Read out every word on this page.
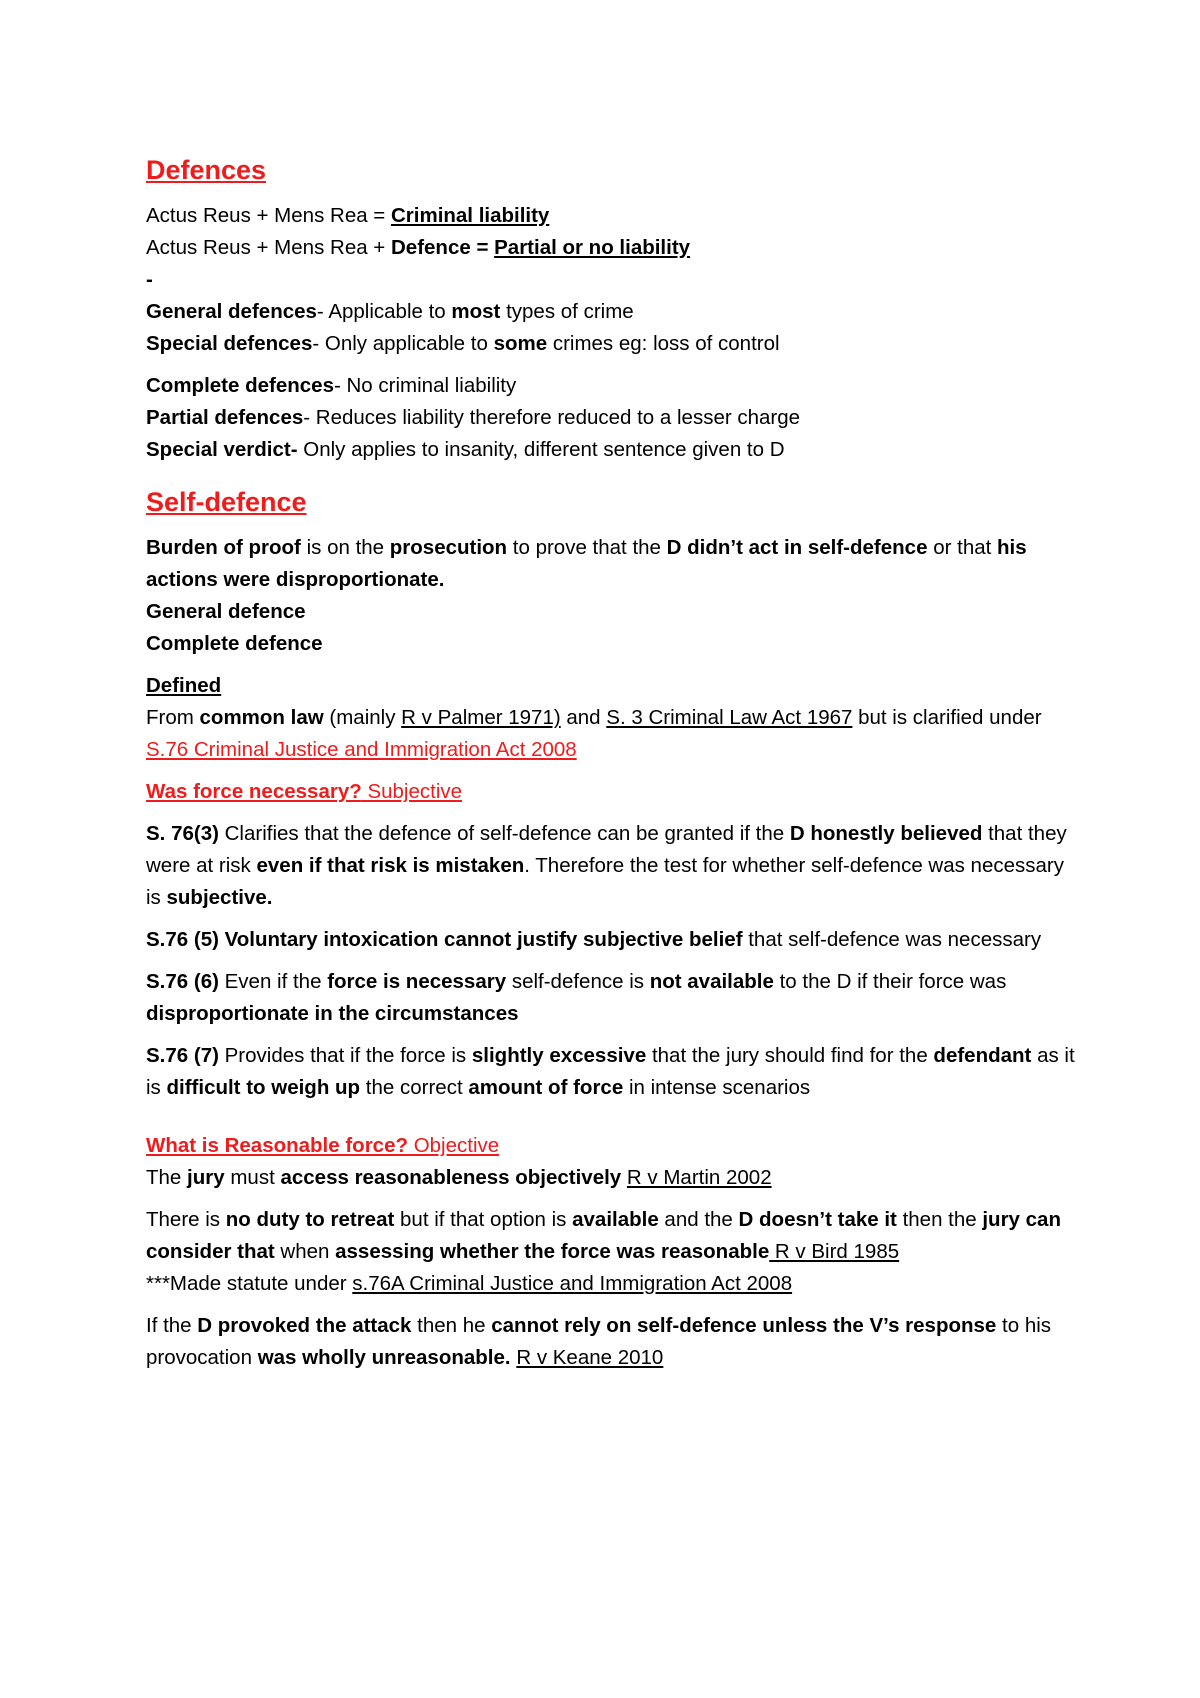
Defences

Actus Reus + Mens Rea = Criminal liability

Actus Reus + Mens Rea + Defence = Partial or no liability

-

General defences- Applicable to most types of crime

Special defences- Only applicable to some crimes eg: loss of control

Complete defences- No criminal liability

Partial defences- Reduces liability therefore reduced to a lesser charge

Special verdict- Only applies to insanity, different sentence given to D

Self-defence

Burden of proof is on the prosecution to prove that the D didn’t act in self-defence or that his actions were disproportionate.

General defence

Complete defence

Defined

From common law (mainly R v Palmer 1971) and S. 3 Criminal Law Act 1967 but is clarified under

S.76 Criminal Justice and Immigration Act 2008

Was force necessary? Subjective

S. 76(3) Clarifies that the defence of self-defence can be granted if the D honestly believed that they were at risk even if that risk is mistaken. Therefore the test for whether self-defence was necessary is subjective.

S.76 (5) Voluntary intoxication cannot justify subjective belief that self-defence was necessary

S.76 (6) Even if the force is necessary self-defence is not available to the D if their force was disproportionate in the circumstances

S.76 (7) Provides that if the force is slightly excessive that the jury should find for the defendant as it is difficult to weigh up the correct amount of force in intense scenarios

What is Reasonable force? Objective

The jury must access reasonableness objectively R v Martin 2002

There is no duty to retreat but if that option is available and the D doesn’t take it then the jury can consider that when assessing whether the force was reasonable R v Bird 1985

***Made statute under s.76A Criminal Justice and Immigration Act 2008

If the D provoked the attack then he cannot rely on self-defence unless the V’s response to his provocation was wholly unreasonable. R v Keane 2010
